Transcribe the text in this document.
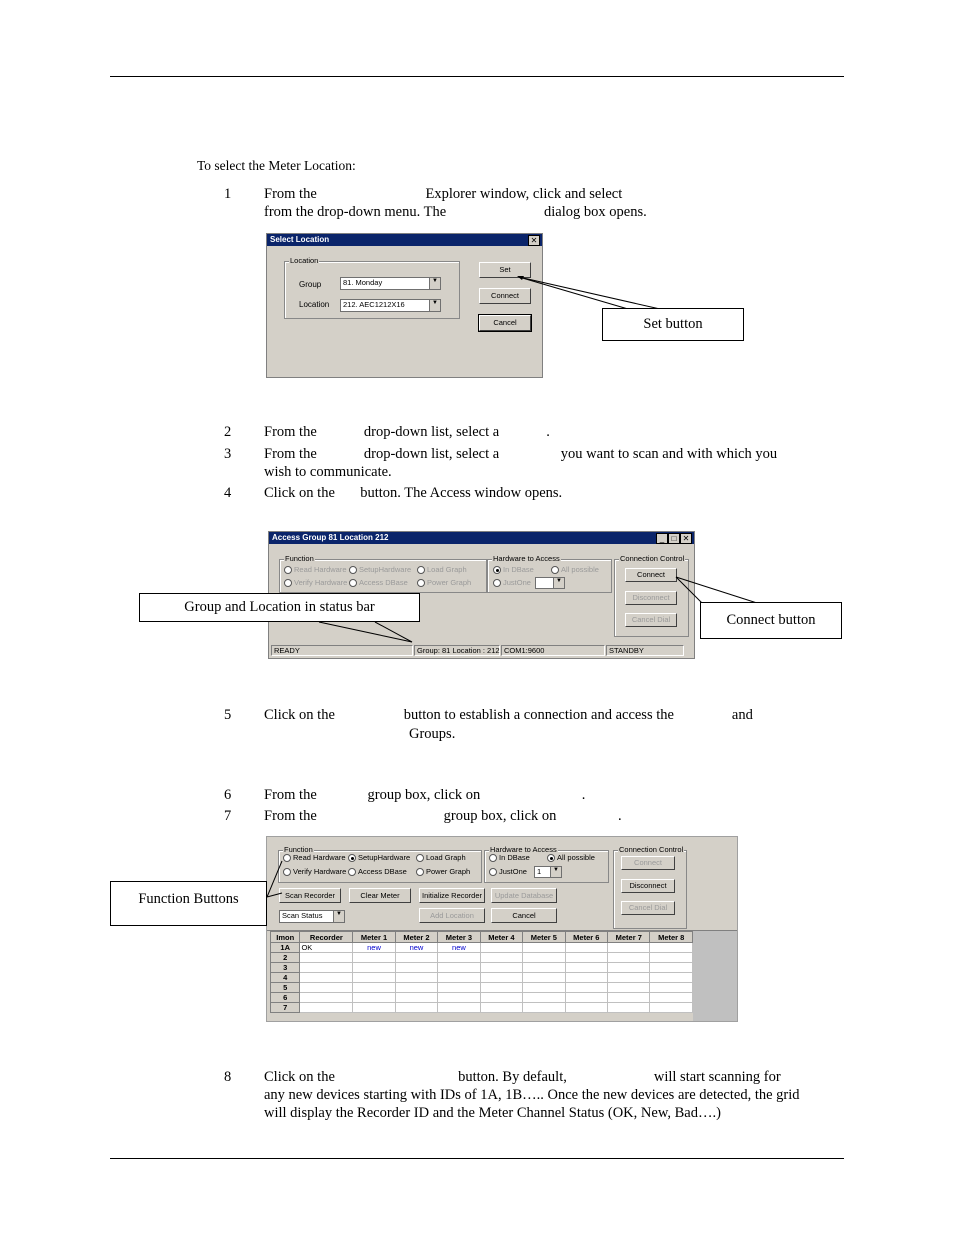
To select the Meter Location:
1 From the                              Explorer window, click and select
from the drop-down menu. The                           dialog box opens.
2 From the             drop-down list, select a             .
3 From the             drop-down list, select a                 you want to scan and with which you
wish to communicate.
4 Click on the       button. The Access window opens.
5 Click on the                   button to establish a connection and access the                and
Groups.
6 From the              group box, click on                            .
7 From the                                   group box, click on                 .
8 Click on the                                  button. By default,                        will start scanning for
any new devices starting with IDs of 1A, 1B….. Once the new devices are detected, the grid
will display the Recorder ID and the Meter Channel Status (OK, New, Bad….)
Select Location	✕
Location
Group	81. Monday	▼
Location	212. AEC1212X16	▼
Set
Connect
Cancel	Set button
Access Group 81 Location 212	_ □ ✕
Function
Read Hardware	SetupHardware	Load Graph
Verify Hardware	Access DBase	Power Graph
Hardware to Access
In DBase	All possible
JustOne	▼
Connection Control
Connect
Disconnect
Cancel Dial
READY	Group: 81 Location : 212 COM1:9600	STANDBY
Group and Location in status bar
Connect button
Function
Read Hardware	SetupHardware	Load Graph
Verify Hardware	Access DBase	Power Graph
Hardware to Access
In DBase	All possible
JustOne	1	▼
Connection Control
Connect
Disconnect
Cancel Dial
Scan Recorder	Clear Meter	Initialize Recorder	Update Database
Scan Status	▼	Add Location	Cancel
Imon	Recorder	Meter 1	Meter 2	Meter 3	Meter 4	Meter 5	Meter 6	Meter 7	Meter 8
1A	OK	new	new	new					
2									
3									
4									
5									
6									
7									
Function Buttons
